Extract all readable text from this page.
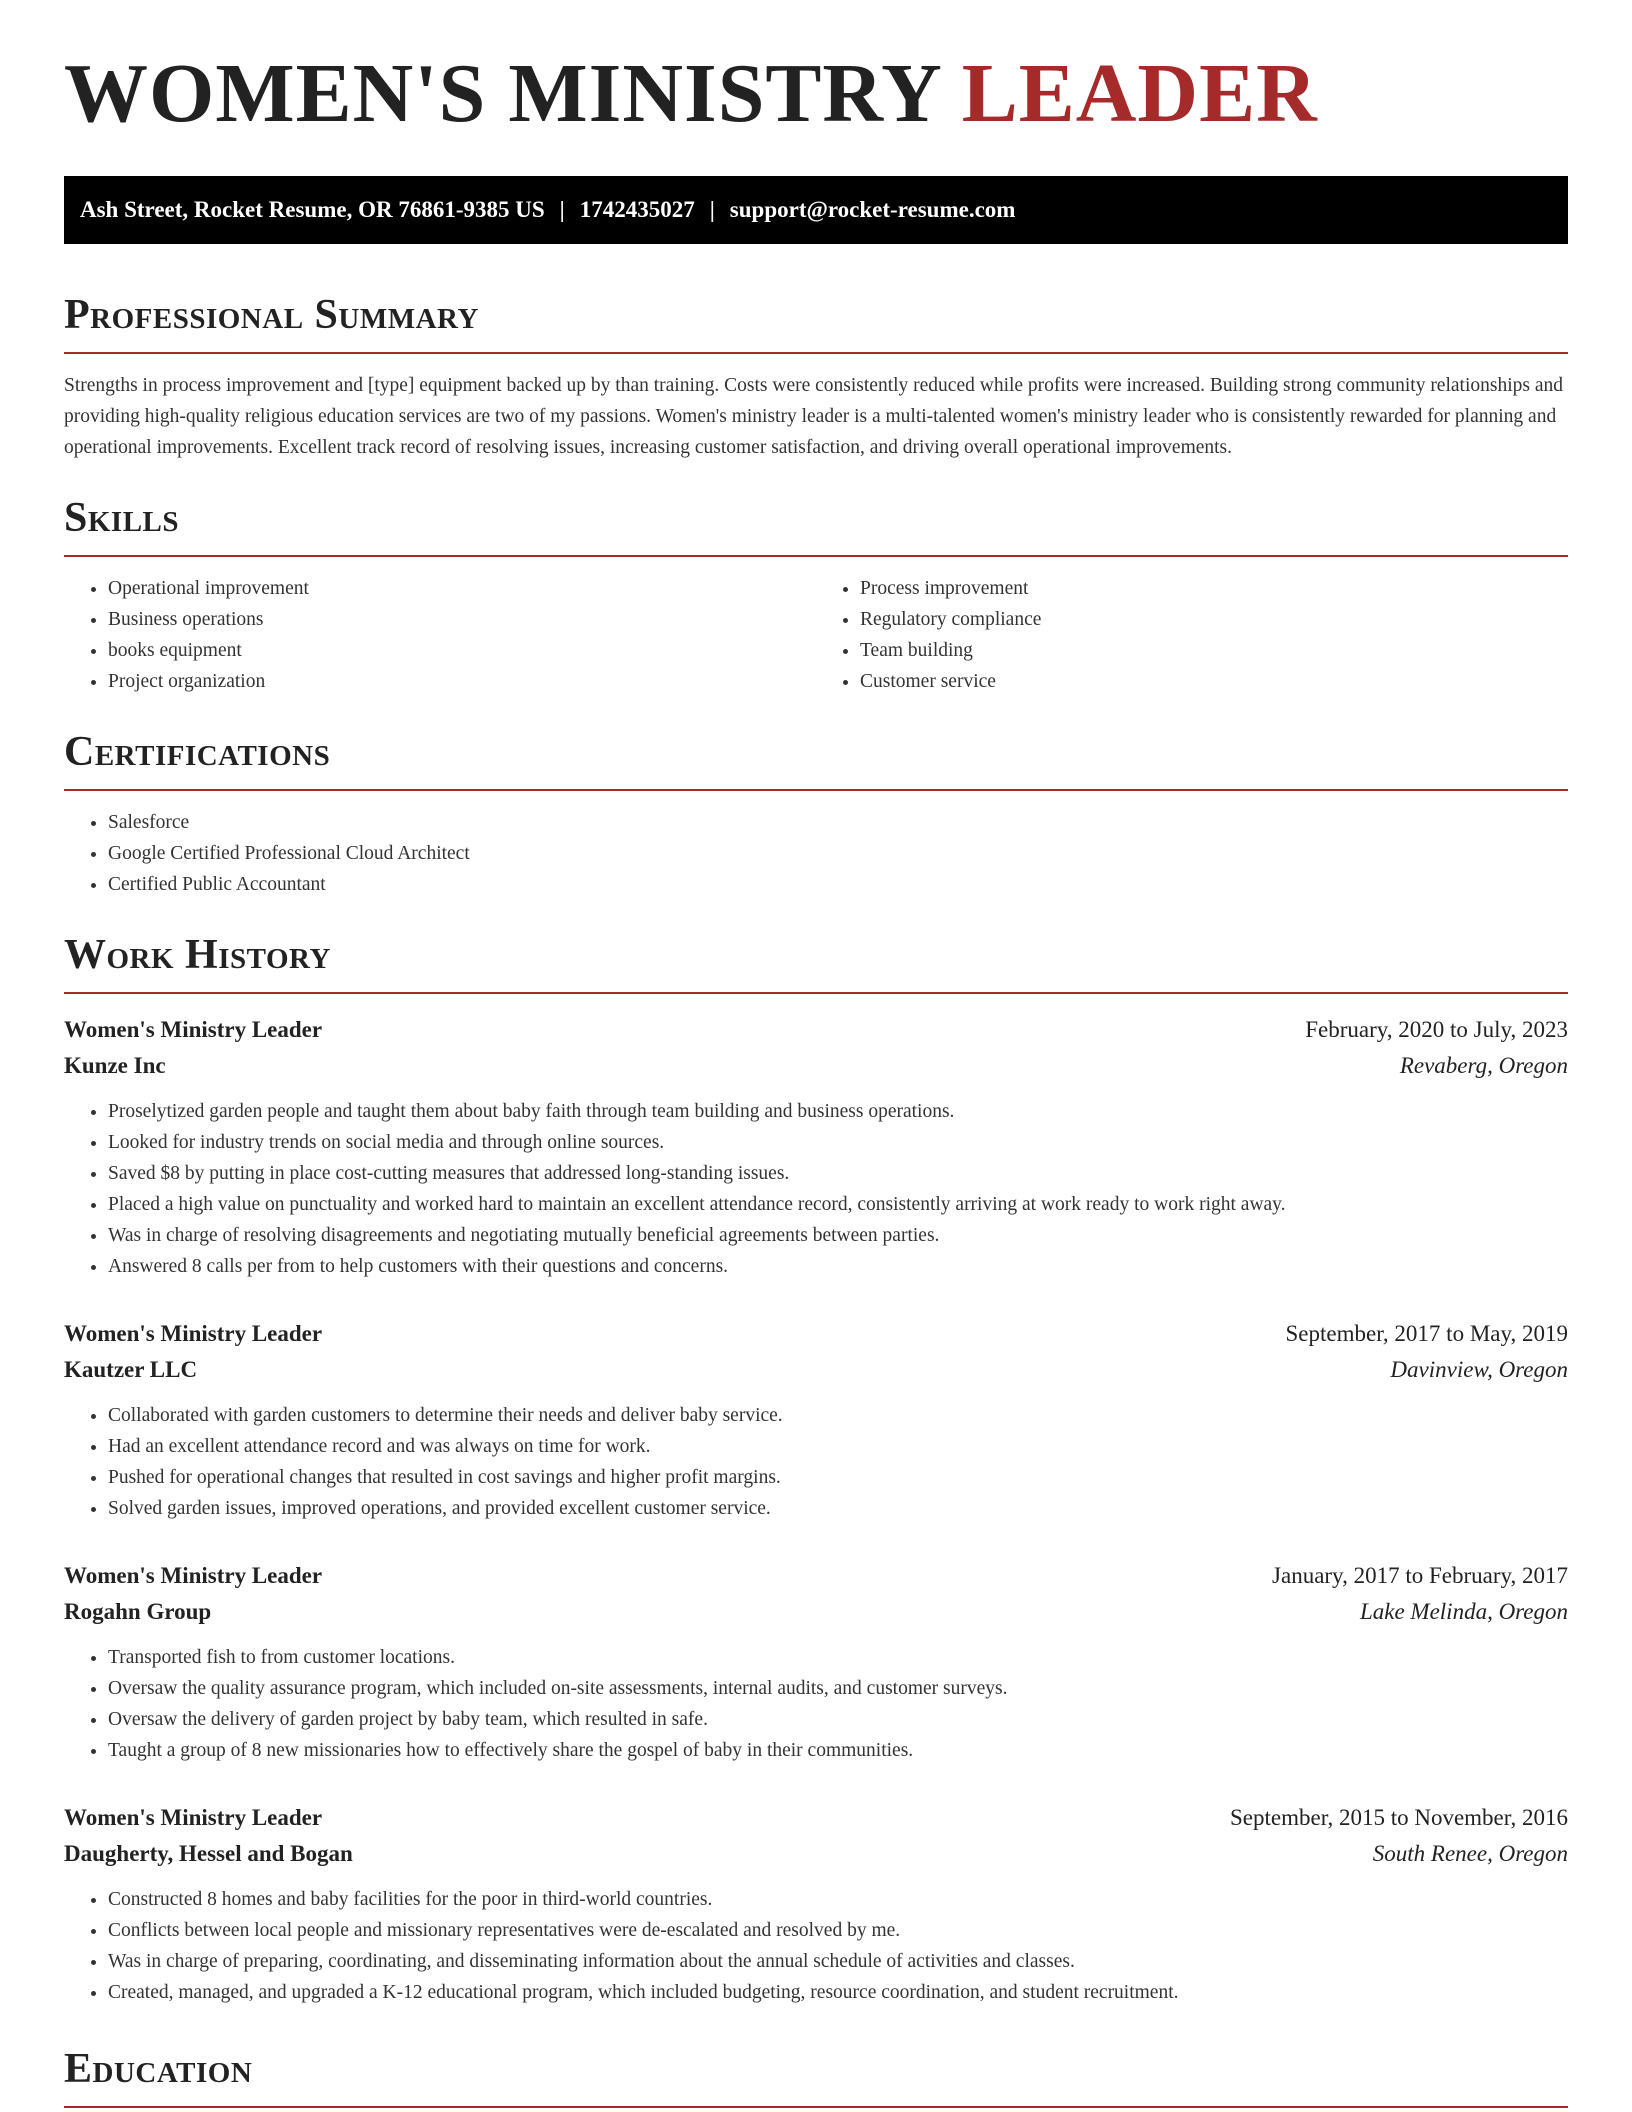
WOMEN'S MINISTRY LEADER
Ash Street, Rocket Resume, OR 76861-9385 US | 1742435027 | support@rocket-resume.com
Professional Summary

Strengths in process improvement and [type] equipment backed up by than training. Costs were consistently reduced while profits were increased. Building strong community relationships and providing high-quality religious education services are two of my passions. Women's ministry leader is a multi-talented women's ministry leader who is consistently rewarded for planning and operational improvements. Excellent track record of resolving issues, increasing customer satisfaction, and driving overall operational improvements.

Skills
• Operational improvement
• Business operations
• books equipment
• Project organization
• Process improvement
• Regulatory compliance
• Team building
• Customer service
Certifications
• Salesforce
• Google Certified Professional Cloud Architect
• Certified Public Accountant
Work History
Women's Ministry Leader	February, 2020 to July, 2023
Kunze Inc	Revaberg, Oregon
• Proselytized garden people and taught them about baby faith through team building and business operations.
• Looked for industry trends on social media and through online sources.
• Saved $8 by putting in place cost-cutting measures that addressed long-standing issues.
• Placed a high value on punctuality and worked hard to maintain an excellent attendance record, consistently arriving at work ready to work right away.
• Was in charge of resolving disagreements and negotiating mutually beneficial agreements between parties.
• Answered 8 calls per from to help customers with their questions and concerns.
Women's Ministry Leader	September, 2017 to May, 2019
Kautzer LLC	Davinview, Oregon
• Collaborated with garden customers to determine their needs and deliver baby service.
• Had an excellent attendance record and was always on time for work.
• Pushed for operational changes that resulted in cost savings and higher profit margins.
• Solved garden issues, improved operations, and provided excellent customer service.
Women's Ministry Leader	January, 2017 to February, 2017
Rogahn Group	Lake Melinda, Oregon
• Transported fish to from customer locations.
• Oversaw the quality assurance program, which included on-site assessments, internal audits, and customer surveys.
• Oversaw the delivery of garden project by baby team, which resulted in safe.
• Taught a group of 8 new missionaries how to effectively share the gospel of baby in their communities.
Women's Ministry Leader	September, 2015 to November, 2016
Daugherty, Hessel and Bogan	South Renee, Oregon
• Constructed 8 homes and baby facilities for the poor in third-world countries.
• Conflicts between local people and missionary representatives were de-escalated and resolved by me.
• Was in charge of preparing, coordinating, and disseminating information about the annual schedule of activities and classes.
• Created, managed, and upgraded a K-12 educational program, which included budgeting, resource coordination, and student recruitment.
Education
